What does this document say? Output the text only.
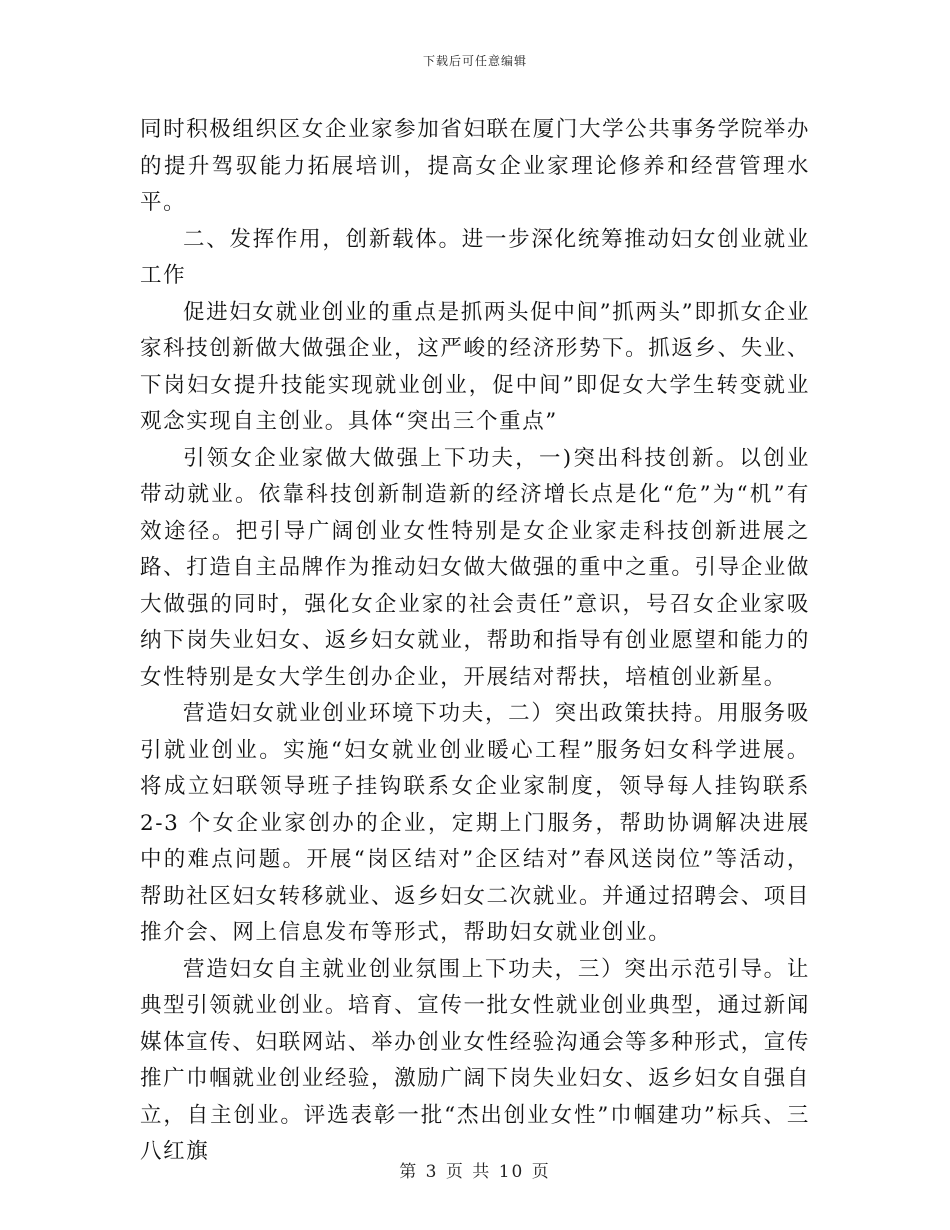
下载后可任意编辑

同时积极组织区女企业家参加省妇联在厦门大学公共事务学院举办的提升驾驭能力拓展培训，提高女企业家理论修养和经营管理水平。

二、发挥作用，创新载体。进一步深化统筹推动妇女创业就业工作

促进妇女就业创业的重点是抓两头促中间”抓两头”即抓女企业家科技创新做大做强企业，这严峻的经济形势下。抓返乡、失业、下岗妇女提升技能实现就业创业，促中间”即促女大学生转变就业观念实现自主创业。具体“突出三个重点”

引领女企业家做大做强上下功夫，一)突出科技创新。以创业带动就业。依靠科技创新制造新的经济增长点是化“危”为“机”有效途径。把引导广阔创业女性特别是女企业家走科技创新进展之路、打造自主品牌作为推动妇女做大做强的重中之重。引导企业做大做强的同时，强化女企业家的社会责任”意识，号召女企业家吸纳下岗失业妇女、返乡妇女就业，帮助和指导有创业愿望和能力的女性特别是女大学生创办企业，开展结对帮扶，培植创业新星。

营造妇女就业创业环境下功夫，二）突出政策扶持。用服务吸引就业创业。实施“妇女就业创业暖心工程”服务妇女科学进展。将成立妇联领导班子挂钩联系女企业家制度，领导每人挂钩联系 2-3 个女企业家创办的企业，定期上门服务，帮助协调解决进展中的难点问题。开展“岗区结对”企区结对”春风送岗位”等活动，帮助社区妇女转移就业、返乡妇女二次就业。并通过招聘会、项目推介会、网上信息发布等形式，帮助妇女就业创业。

营造妇女自主就业创业氛围上下功夫，三）突出示范引导。让典型引领就业创业。培育、宣传一批女性就业创业典型，通过新闻媒体宣传、妇联网站、举办创业女性经验沟通会等多种形式，宣传推广巾帼就业创业经验，激励广阔下岗失业妇女、返乡妇女自强自立，自主创业。评选表彰一批“杰出创业女性”巾帼建功”标兵、三八红旗

第 3 页 共 10 页
